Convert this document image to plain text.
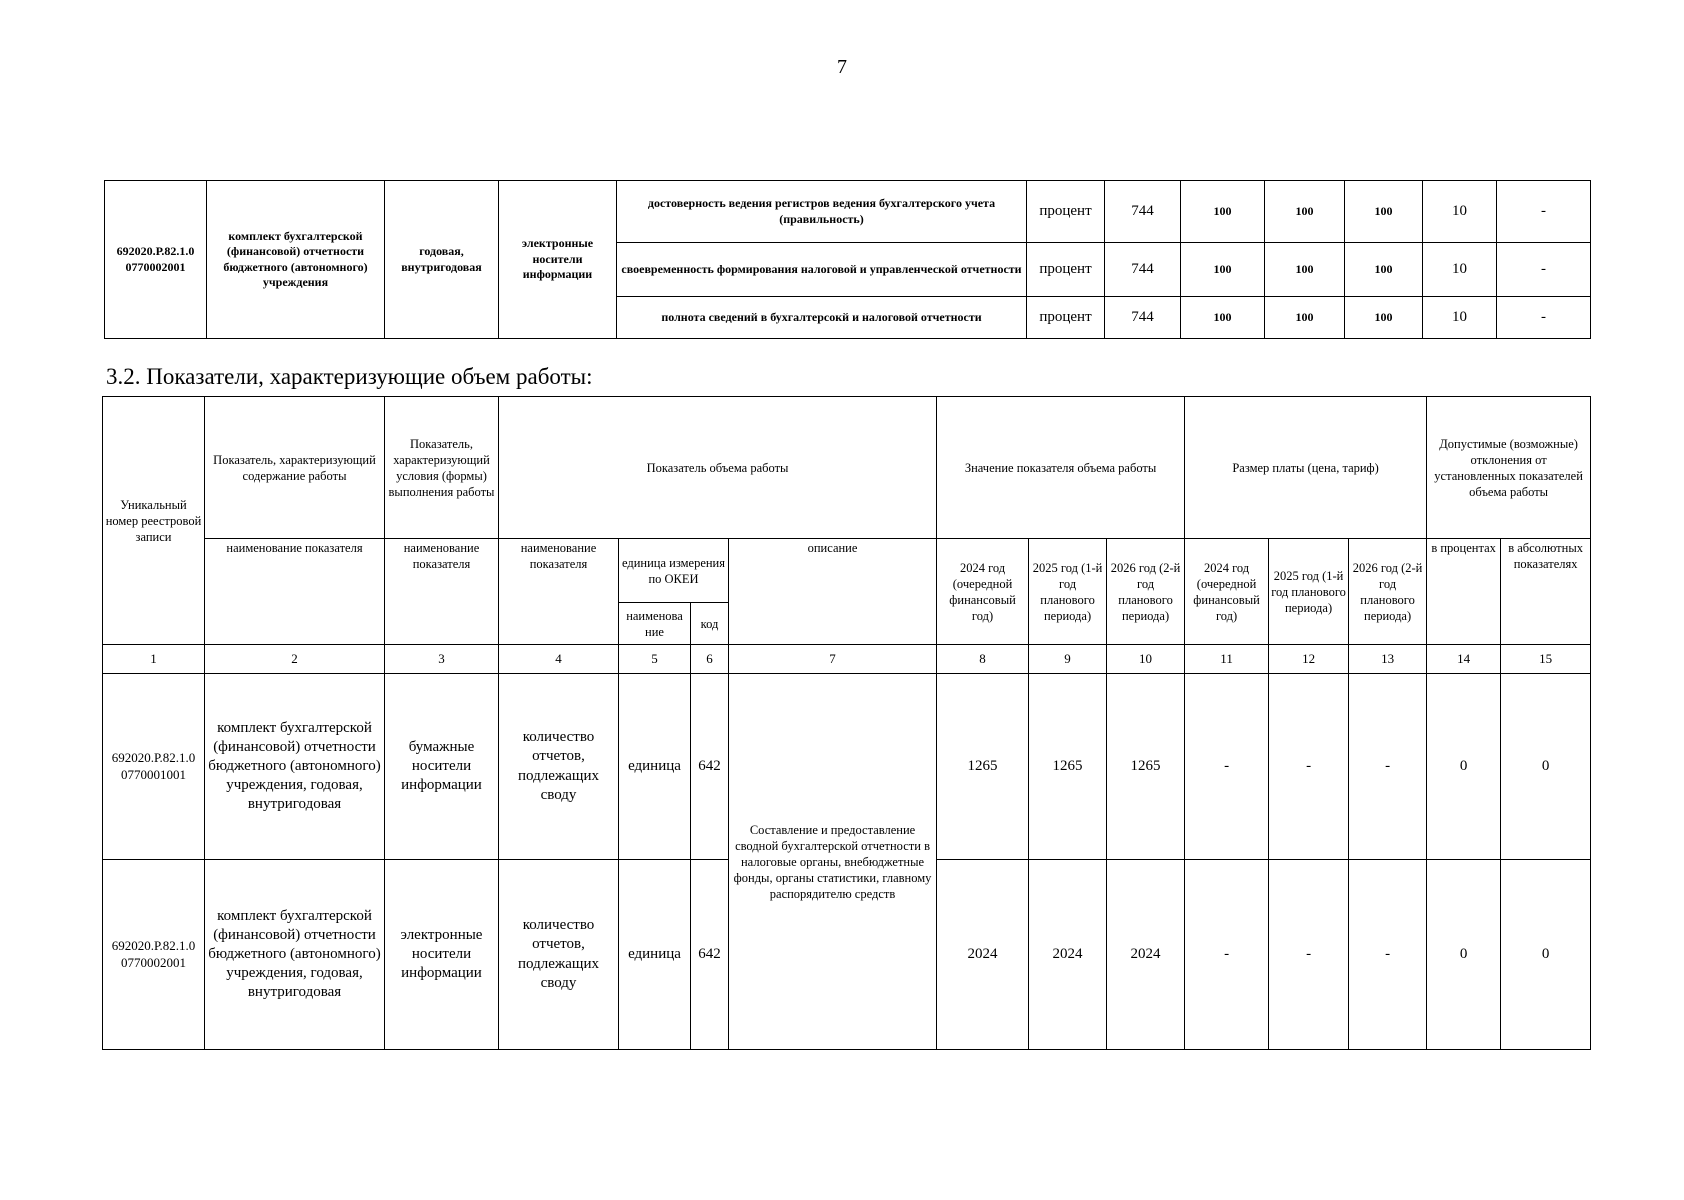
7
692020.Р.82.1.0 0770002001	комплект бухгалтерской (финансовой) отчетности бюджетного (автономного) учреждения	годовая, внутригодовая	электронные носители информации	достоверность ведения регистров ведения бухгалтерского учета (правильность)	процент	744	100	100	100	10	-
				своевременность формирования налоговой и управленческой отчетности	процент	744	100	100	100	10	-
				полнота сведений в бухгалтерсокй и налоговой отчетности	процент	744	100	100	100	10	-
3.2. Показатели, характеризующие объем работы:
Уникальный номер реестровой записи	Показатель, характеризующий содержание работы	Показатель, характеризующий условия (формы) выполнения работы	Показатель объема работы				Значение показателя объема работы			Размер платы (цена, тариф)			Допустимые (возможные) отклонения от установленных показателей объема работы	
	наименование показателя	наименование показателя	наименование показателя	единица измерения по ОКЕИ		описание	2024 год (очередной финансовый год)	2025 год (1-й год планового периода)	2026 год (2-й год планового периода)	2024 год (очередной финансовый год)	2025 год (1-й год планового периода)	2026 год (2-й год планового периода)	в процентах	в абсолютных показателях
				наименова ние	код									
1	2	3	4	5	6	7	8	9	10	11	12	13	14	15
692020.Р.82.1.0 0770001001	комплект бухгалтерской (финансовой) отчетности бюджетного (автономного) учреждения, годовая, внутригодовая	бумажные носители информации	количество отчетов, подлежащих своду	единица	642	Составление и предоставление сводной бухгалтерской отчетности в налоговые органы, внебюджетные фонды, органы статистики, главному распорядителю средств	1265	1265	1265	-	-	-	0	0
692020.Р.82.1.0 0770002001	комплект бухгалтерской (финансовой) отчетности бюджетного (автономного) учреждения, годовая, внутригодовая	электронные носители информации	количество отчетов, подлежащих своду	единица	642		2024	2024	2024	-	-	-	0	0
